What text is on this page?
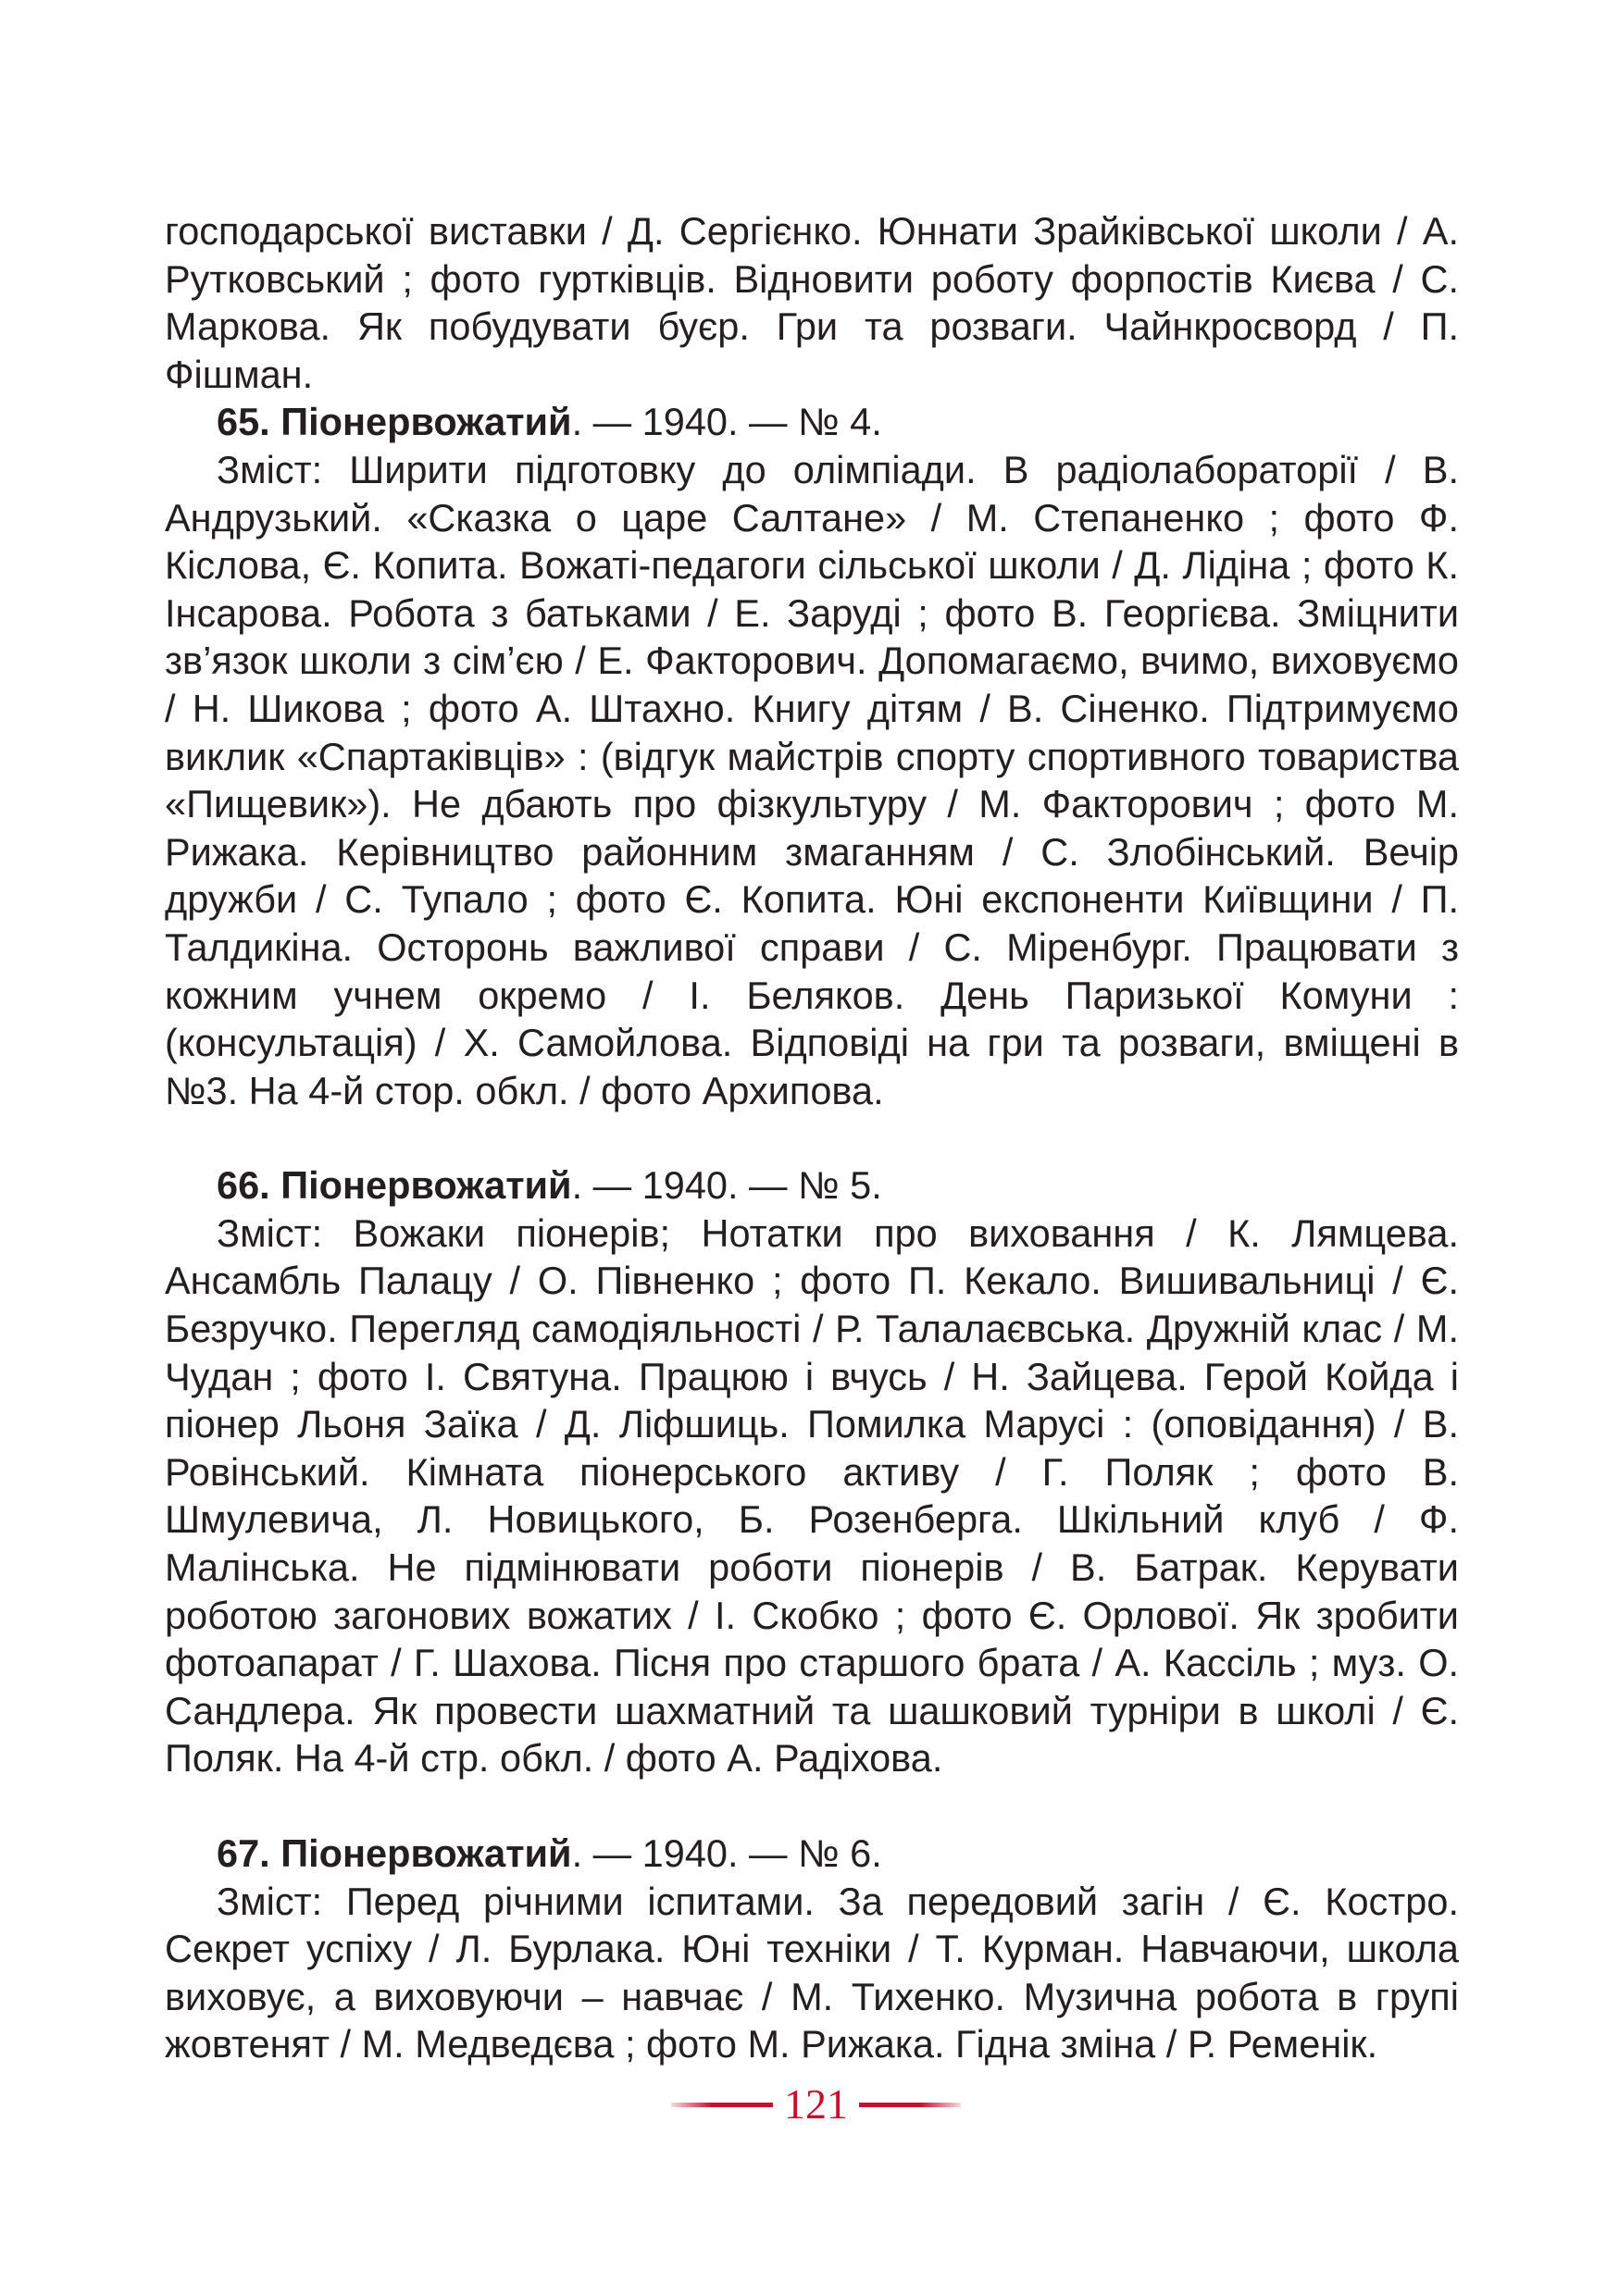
господарської виставки / Д. Сергієнко. Юннати Зрайківської школи / А. Рутковський ; фото гуртківців. Відновити роботу форпостів Києва / С. Маркова. Як побудувати буєр. Гри та розваги. Чайнкросворд / П. Фішман.

65. Піонервожатий. — 1940. — № 4.

Зміст: Ширити підготовку до олімпіади. В радіолабораторії / В. Андрузький. «Сказка о царе Салтане» / М. Степаненко ; фото Ф. Кіслова, Є. Копита. Вожаті-педагоги сільської школи / Д. Лідіна ; фото К. Інсарова. Робота з батьками / Е. Заруді ; фото В. Георгієва. Зміцнити зв’язок школи з сім’єю / Е. Факторович. Допомагаємо, вчимо, виховуємо / Н. Шикова ; фото А. Штахно. Книгу дітям / В. Сіненко. Підтримуємо виклик «Спартаківців» : (відгук майстрів спорту спортивного товариства «Пищевик»). Не дбають про фізкультуру / М. Факторович ; фото М. Рижака. Керівництво районним змаганням / С. Злобінський. Вечір дружби / С. Тупало ; фото Є. Копита. Юні експоненти Київщини / П. Талдикіна. Осторонь важливої справи / С. Міренбург. Працювати з кожним учнем окремо / І. Беляков. День Паризької Комуни : (консультація) / Х. Самойлова. Відповіді на гри та розваги, вміщені в №3. На 4-й стор. обкл. / фото Архипова.

66. Піонервожатий. — 1940. — № 5.

Зміст: Вожаки піонерів; Нотатки про виховання / К. Лямцева. Ансамбль Палацу / О. Півненко ; фото П. Кекало. Вишивальниці / Є. Безручко. Перегляд самодіяльності / Р. Талалаєвська. Дружній клас / М. Чудан ; фото І. Святуна. Працюю і вчусь / Н. Зайцева. Герой Койда і піонер Льоня Заїка / Д. Ліфшиць. Помилка Марусі : (оповідання) / В. Ровінський. Кімната піонерського активу / Г. Поляк ; фото В. Шмулевича, Л. Новицького, Б. Розенберга. Шкільний клуб / Ф. Малінська. Не підмінювати роботи піонерів / В. Батрак. Керувати роботою загонових вожатих / І. Скобко ; фото Є. Орлової. Як зробити фотоапарат / Г. Шахова. Пісня про старшого брата / А. Кассіль ; муз. О. Сандлера. Як провести шахматний та шашковий турніри в школі / Є. Поляк. На 4-й стр. обкл. / фото А. Радіхова.

67. Піонервожатий. — 1940. — № 6.

Зміст: Перед річними іспитами. За передовий загін / Є. Костро. Секрет успіху / Л. Бурлака. Юні техніки / Т. Курман. Навчаючи, школа виховує, а виховуючи – навчає / М. Тихенко. Музична робота в групі жовтенят / М. Медведєва ; фото М. Рижака. Гідна зміна / Р. Ременік.

121
